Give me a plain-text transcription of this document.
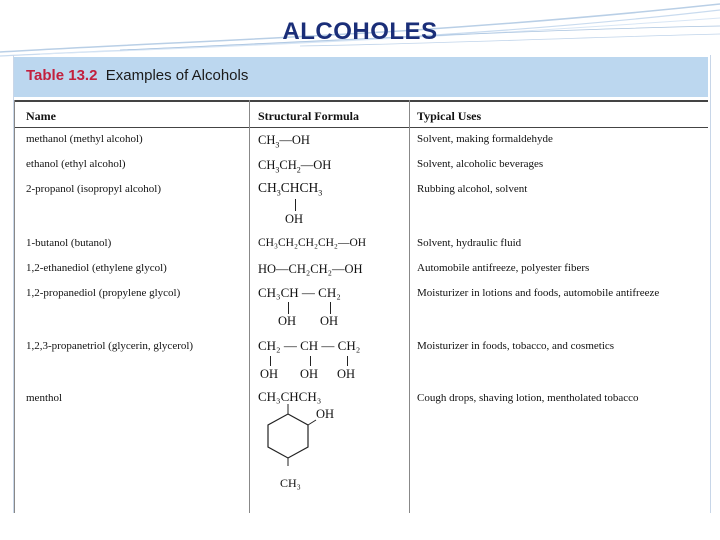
ALCOHOLES
Table 13.2 Examples of Alcohols
Name	Structural Formula	Typical Uses
methanol (methyl alcohol)
ethanol (ethyl alcohol)
2-propanol (isopropyl alcohol)
1-butanol (butanol)
1,2-ethanediol (ethylene glycol)
1,2-propanediol (propylene glycol)
1,2,3-propanetriol (glycerin, glycerol)
menthol
Solvent, making formaldehyde
Solvent, alcoholic beverages
Rubbing alcohol, solvent
Solvent, hydraulic fluid
Automobile antifreeze, polyester fibers
Moisturizer in lotions and foods, automobile antifreeze
Moisturizer in foods, tobacco, and cosmetics
Cough drops, shaving lotion, mentholated tobacco
$CH_3—OH$
$CH_3CH_2—OH$
$CH_3CHCH_3$
OH
CH₃CH₂CH₂CH₂—OH
HO—CH₂CH₂—OH
CH₃CH — CH₂
OH OH
CH₂ — CH — CH₂
OH OH OH
CH₃CHCH₃
OH
CH₃
